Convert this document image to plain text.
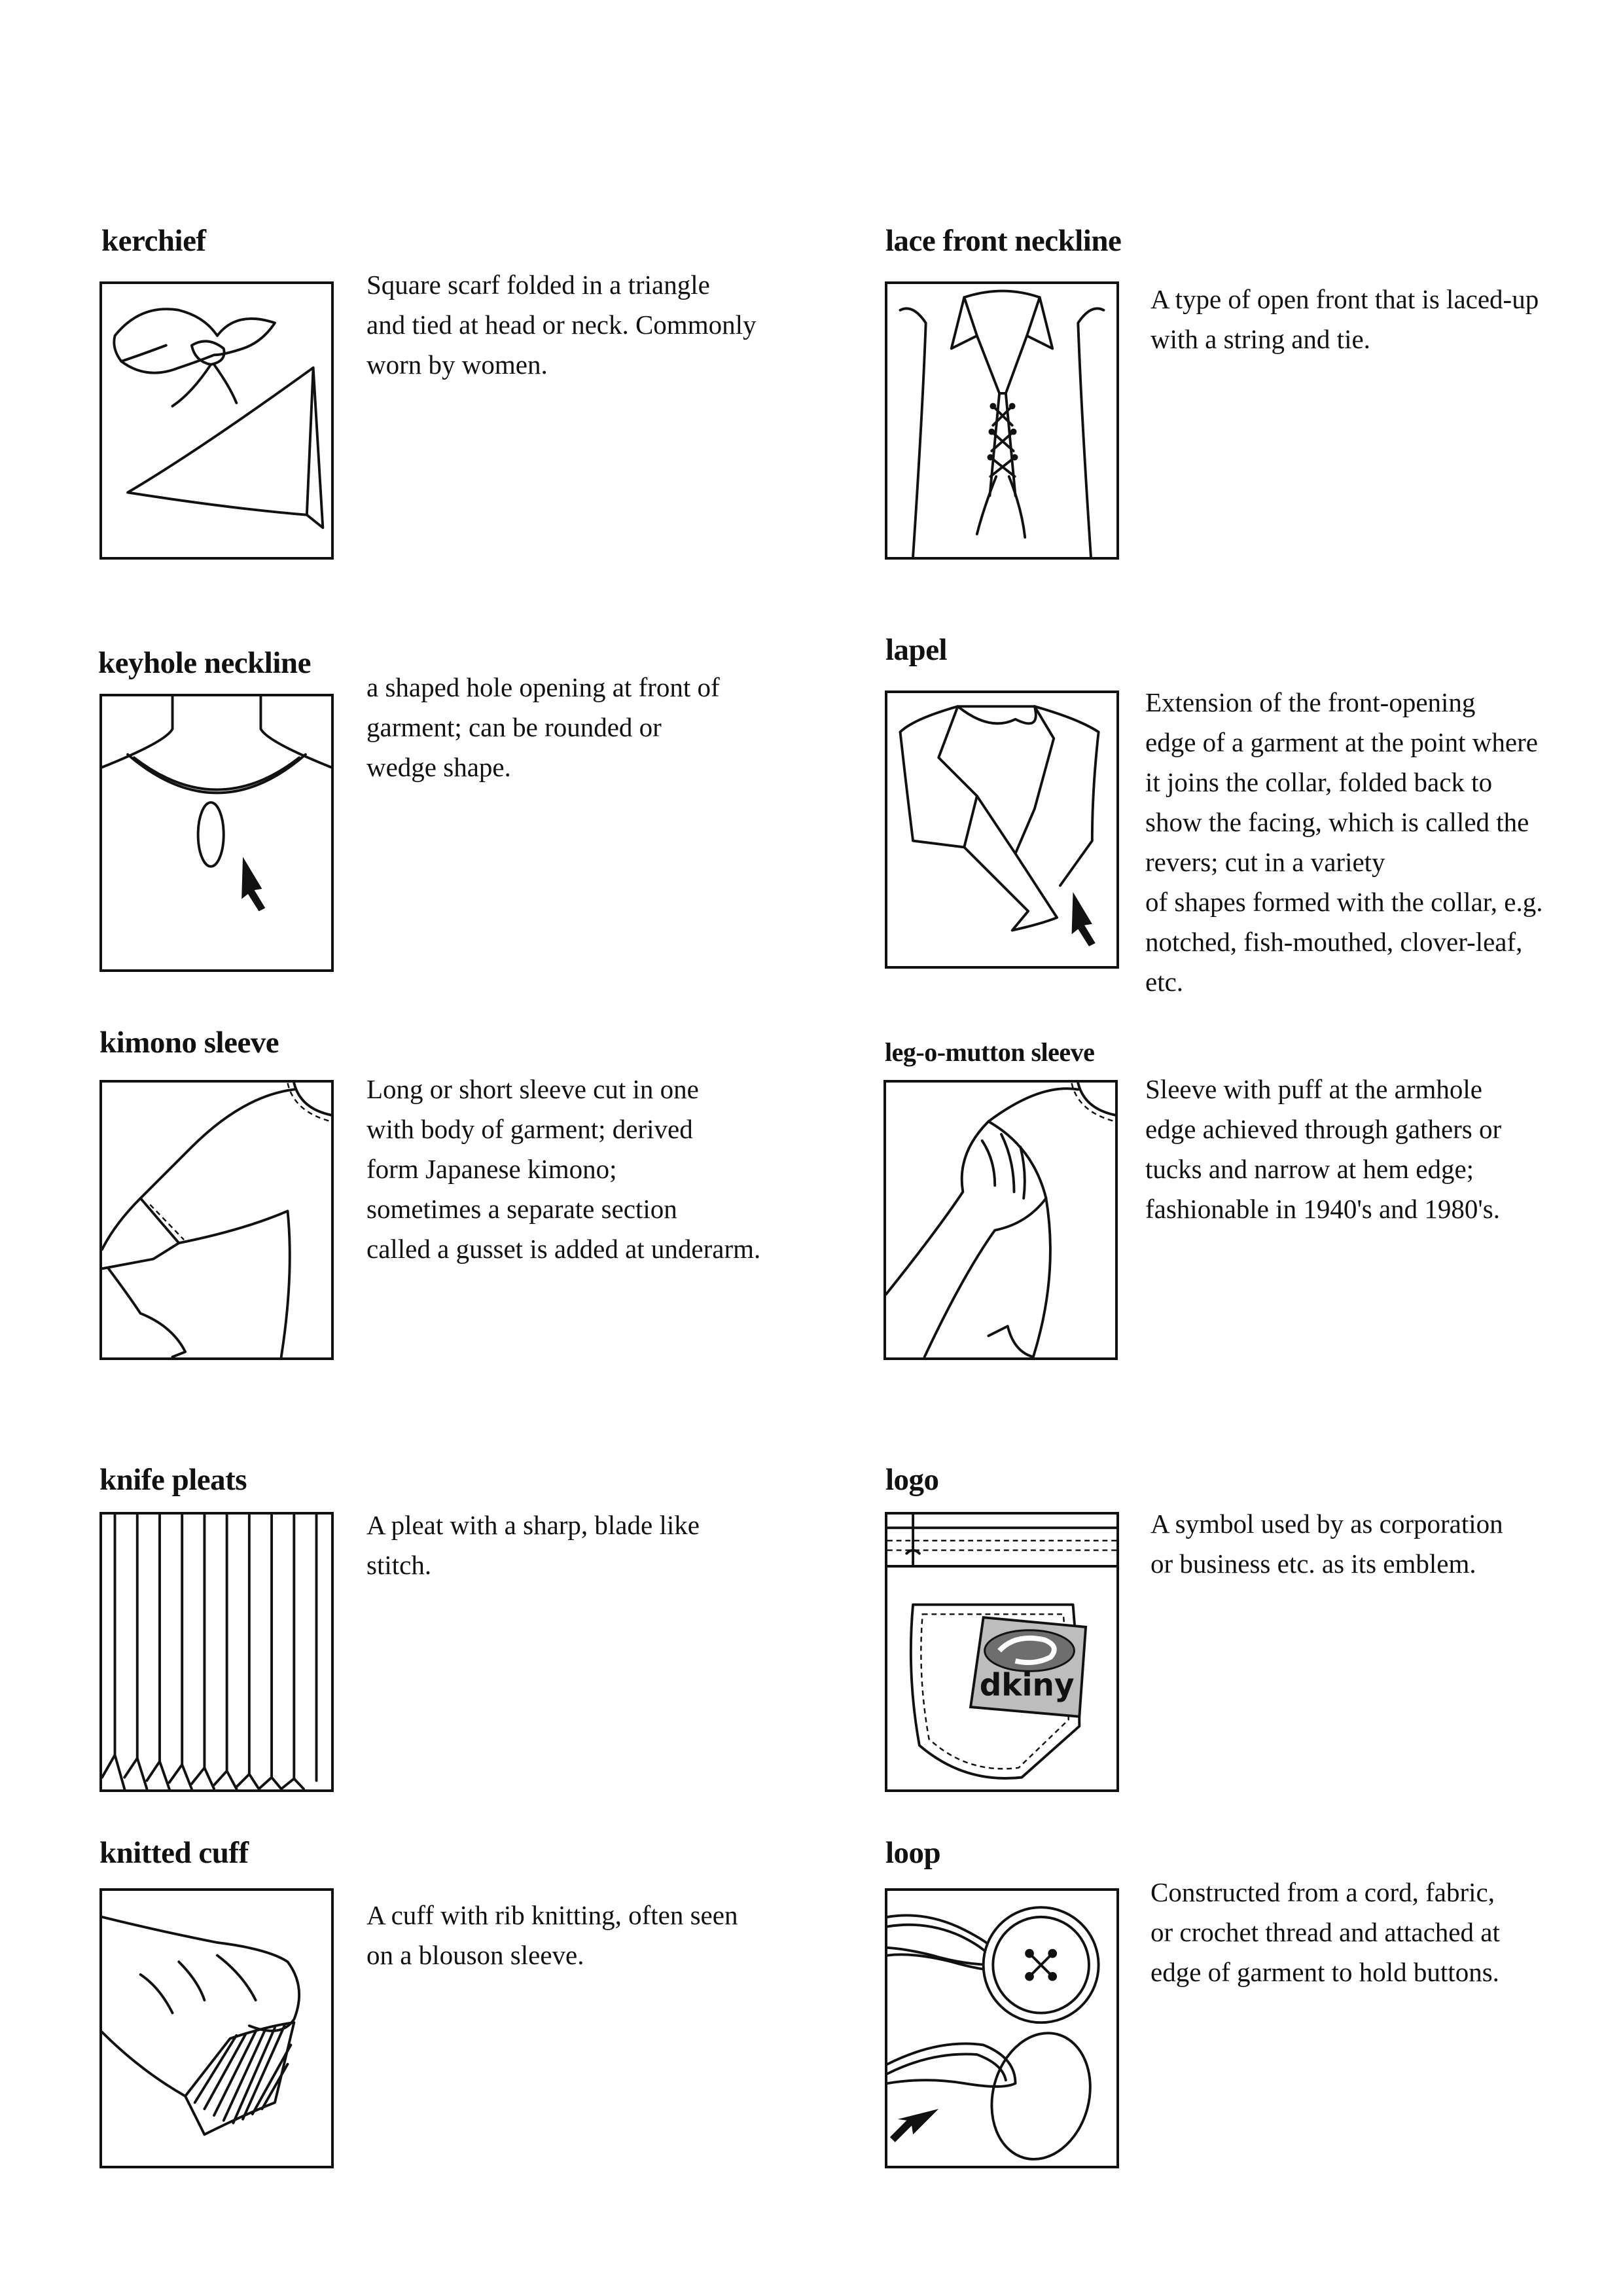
kerchief
Square scarf folded in a triangle
and tied at head or neck. Commonly
worn by women.
lace front neckline
A type of open front that is laced-up
with a string and tie.
keyhole neckline
a shaped hole opening at front of
garment; can be rounded or
wedge shape.
lapel
Extension of the front-opening
edge of a garment at the point where
it joins the collar, folded back to
show the facing, which is called the
revers; cut in a variety
of shapes formed with the collar, e.g.
notched, fish-mouthed, clover-leaf,
etc.
kimono sleeve
Long or short sleeve cut in one
with body of garment; derived
form Japanese kimono;
sometimes a separate section
called a gusset is added at underarm.
leg-o-mutton sleeve
Sleeve with puff at the armhole
edge achieved through gathers or
tucks and narrow at hem edge;
fashionable in 1940's and 1980's.
knife pleats
A pleat with a sharp, blade like
stitch.
logo
dkiny
A symbol used by as corporation
or business etc. as its emblem.
knitted cuff
A cuff with rib knitting, often seen
on a blouson sleeve.
loop
Constructed from a cord, fabric,
or crochet thread and attached at
edge of garment to hold buttons.
